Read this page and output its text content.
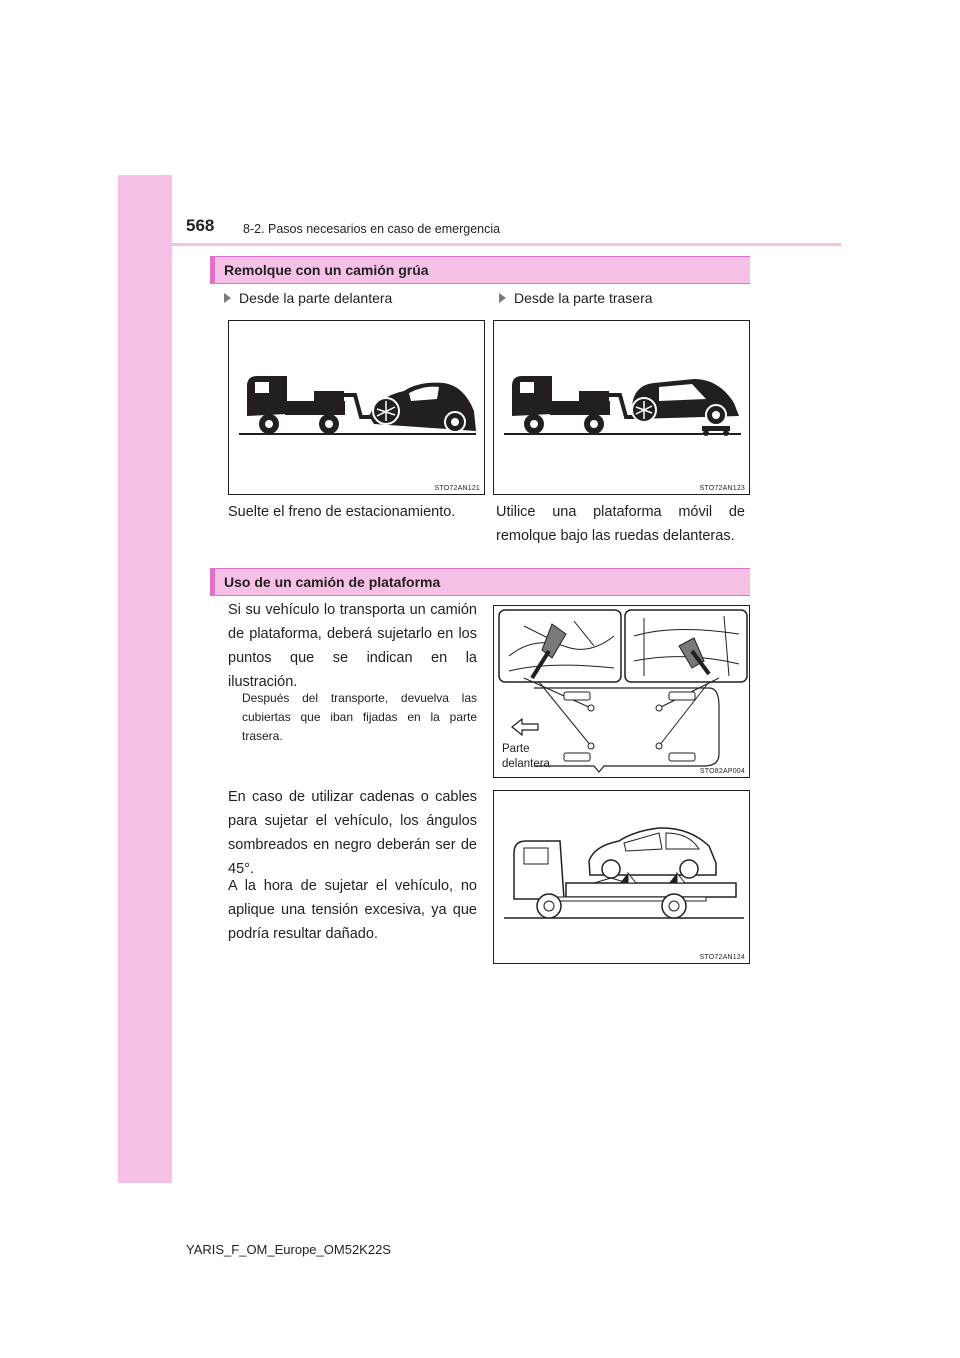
568 8-2. Pasos necesarios en caso de emergencia
Remolque con un camión grúa
Desde la parte delantera	Desde la parte trasera
STO72AN121	STO72AN123
Suelte el freno de estacionamiento.	Utilice una plataforma móvil de remolque bajo las ruedas delanteras.
Uso de un camión de plataforma
Si su vehículo lo transporta un camión de plataforma, deberá sujetarlo en los puntos que se indican en la ilustración.
Después del transporte, devuelva las cubiertas que iban fijadas en la parte trasera.
Parte
delantera
STO82AP004
En caso de utilizar cadenas o cables para sujetar el vehículo, los ángulos sombreados en negro deberán ser de 45°.
A la hora de sujetar el vehículo, no aplique una tensión excesiva, ya que podría resultar dañado.
STO72AN124
YARIS_F_OM_Europe_OM52K22S
